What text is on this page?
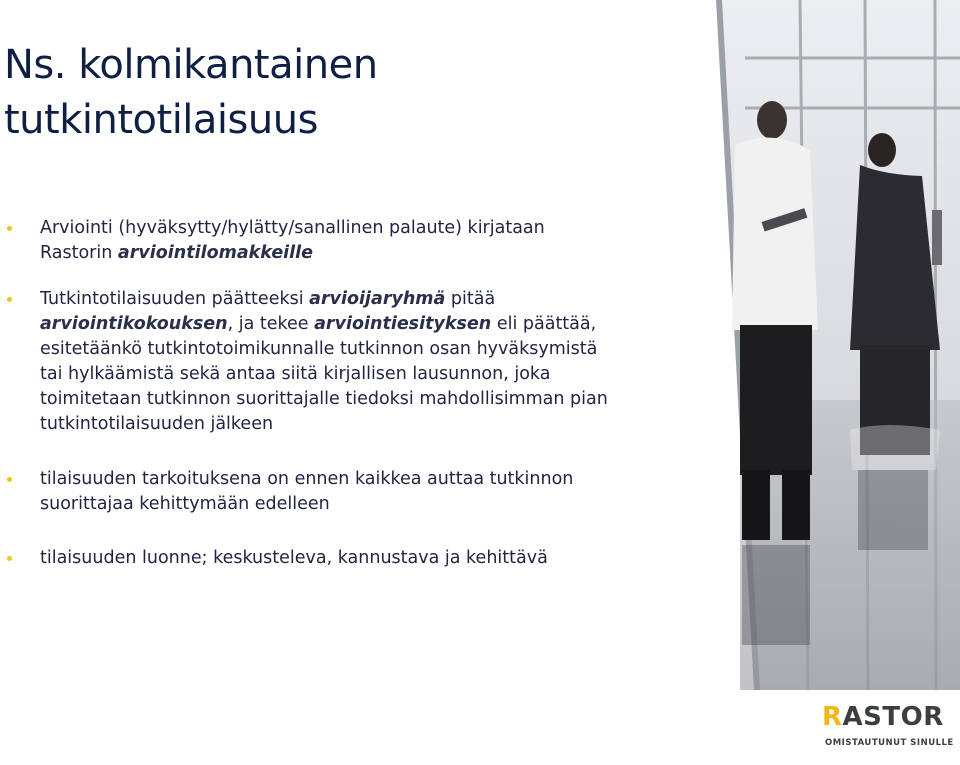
Ns. kolmikantainen
tutkintotilaisuus
Arviointi (hyväksytty/hylätty/sanallinen palaute) kirjataan
Rastorin arviointilomakkeille
Tutkintotilaisuuden päätteeksi arvioijaryhmä pitää
arviointikokouksen, ja tekee arviointiesityksen eli päättää,
esitetäänkö tutkintotoimikunnalle tutkinnon osan hyväksymistä
tai hylkäämistä sekä antaa siitä kirjallisen lausunnon, joka
toimitetaan tutkinnon suorittajalle tiedoksi mahdollisimman pian
tutkintotilaisuuden jälkeen
tilaisuuden tarkoituksena on ennen kaikkea auttaa tutkinnon
suorittajaa kehittymään edelleen
tilaisuuden luonne; keskusteleva, kannustava ja kehittävä
RASTOR
OMISTAUTUNUT SINULLE
